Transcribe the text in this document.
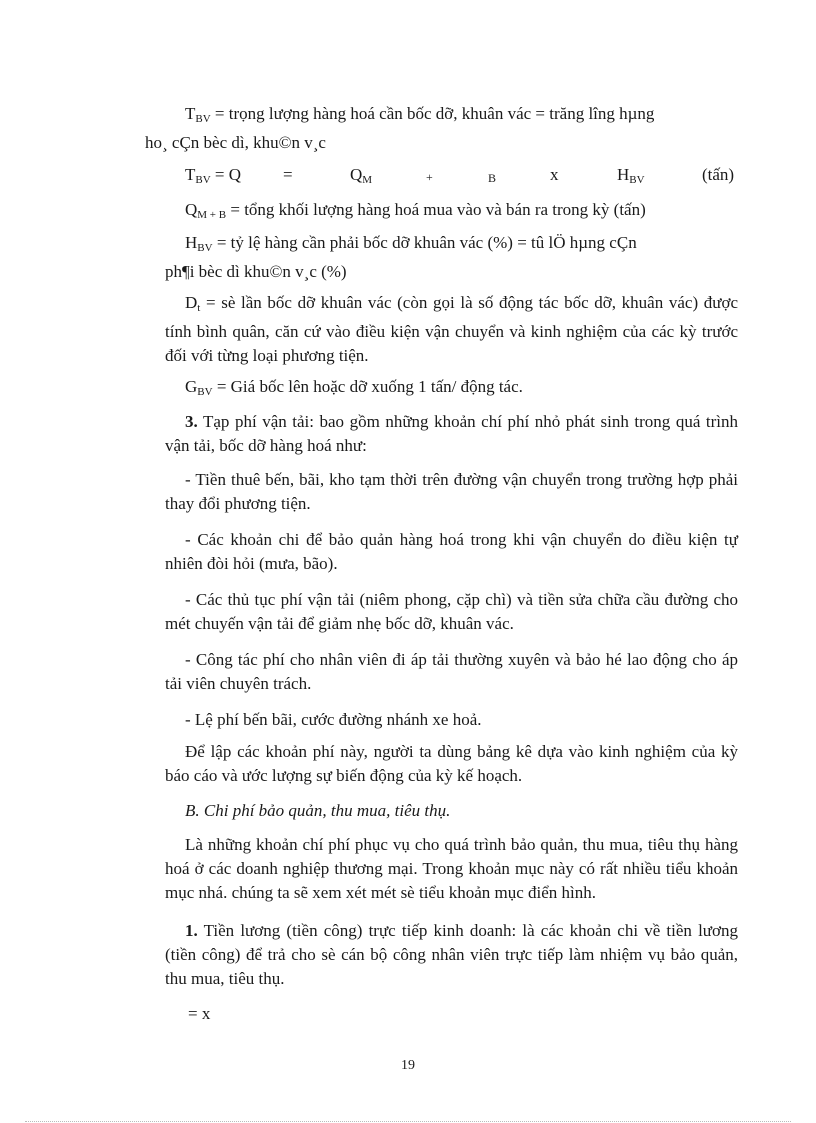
$T_{BV}$ = trọng lượng hàng hoá cần bốc dỡ, khuân vác = trăng lîng hµng
ho¸ cÇn bèc dì, khu©n v¸c

$T_{BV} = Q$ =	$Q_M$	+	B	x	$H_{BV}$	(tấn)
$Q_{M + B}$ = tổng khối lượng hàng hoá mua vào và bán ra trong kỳ (tấn)

$H_{BV}$ = tỷ lệ hàng cần phải bốc dỡ khuân vác (%) = tû lÖ hµng cÇn
ph¶i bèc dì khu©n v¸c (%)

$D_t$ = sè lần bốc dỡ khuân vác (còn gọi là số động tác bốc dỡ, khuân vác) được tính bình quân, căn cứ vào điều kiện vận chuyển và kinh nghiệm của các kỳ trước đối với từng loại phương tiện.

$G_{BV}$ = Giá bốc lên hoặc dỡ xuống 1 tấn/ động tác.

3. Tạp phí vận tải: bao gồm những khoản chí phí nhỏ phát sinh trong quá trình vận tải, bốc dỡ hàng hoá như:

- Tiền thuê bến, bãi, kho tạm thời trên đường vận chuyển trong trường hợp phải thay đổi phương tiện.

- Các khoản chi để bảo quản hàng hoá trong khi vận chuyển do điều kiện tự nhiên đòi hỏi (mưa, bão).

- Các thủ tục phí vận tải (niêm phong, cặp chì) và tiền sửa chữa cầu đường cho mét chuyến vận tải để giảm nhẹ bốc dỡ, khuân vác.

- Công tác phí cho nhân viên đi áp tải thường xuyên và bảo hé lao động cho áp tải viên chuyên trách.

- Lệ phí bến bãi, cước đường nhánh xe hoả.

Để lập các khoản phí này, người ta dùng bảng kê dựa vào kinh nghiệm của kỳ báo cáo và ước lượng sự biến động của kỳ kế hoạch.

B. Chi phí bảo quản, thu mua, tiêu thụ.

Là những khoản chí phí phục vụ cho quá trình bảo quản, thu mua, tiêu thụ hàng hoá ở các doanh nghiệp thương mại. Trong khoản mục này có rất nhiều tiểu khoản mục nhá. chúng ta sẽ xem xét mét sè tiểu khoản mục điển hình.

1. Tiền lương (tiền công) trực tiếp kinh doanh: là các khoản chi về tiền lương (tiền công) để trả cho sè cán bộ công nhân viên trực tiếp làm nhiệm vụ bảo quản, thu mua, tiêu thụ.

= x
19
